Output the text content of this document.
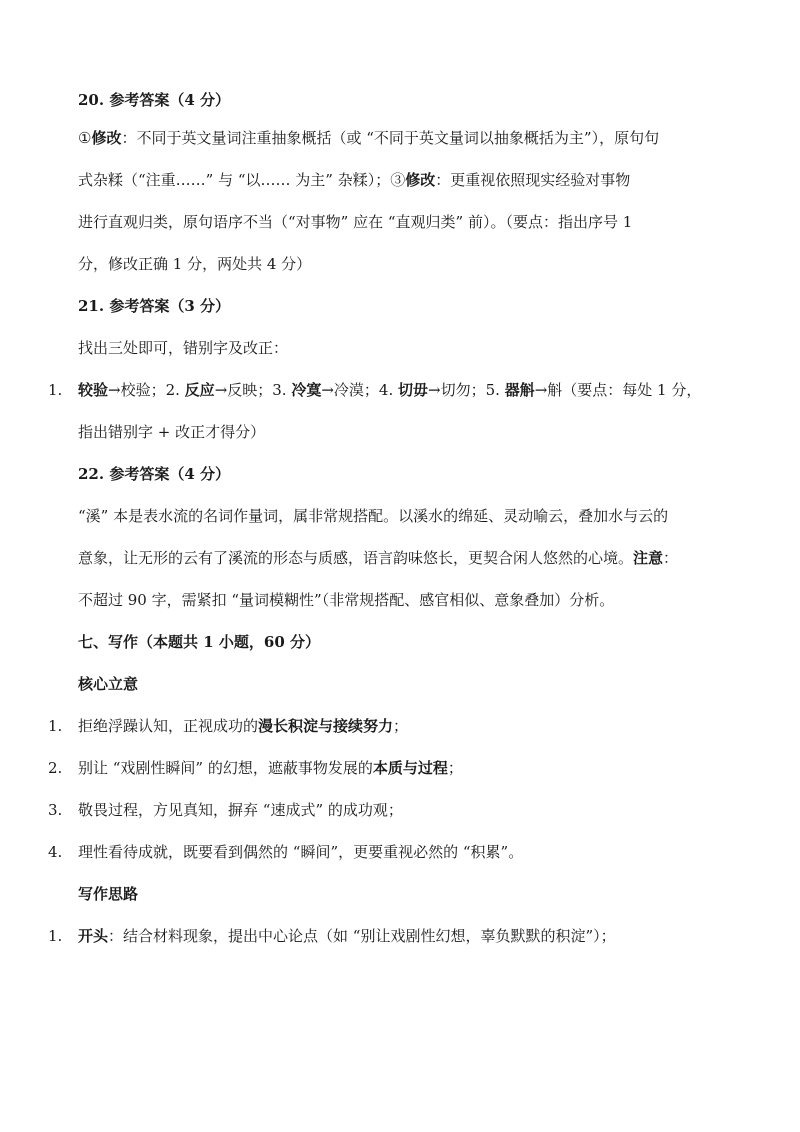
20. 参考答案（4 分）
①修改：不同于英文量词注重抽象概括（或 “不同于英文量词以抽象概括为主”），原句句
式杂糅（“注重……” 与 “以…… 为主” 杂糅）；③修改：更重视依照现实经验对事物
进行直观归类，原句语序不当（“对事物” 应在 “直观归类” 前）。（要点：指出序号 1
分，修改正确 1 分，两处共 4 分）
21. 参考答案（3 分）
找出三处即可，错别字及改正：
1. 较验→校验；2. 反应→反映；3. 冷寞→冷漠；4. 切毋→切勿；5. 器斛→斛（要点：每处 1 分，
指出错别字 + 改正才得分）
22. 参考答案（4 分）
“溪” 本是表水流的名词作量词，属非常规搭配。以溪水的绵延、灵动喻云，叠加水与云的
意象，让无形的云有了溪流的形态与质感，语言韵味悠长，更契合闲人悠然的心境。注意：
不超过 90 字，需紧扣 “量词模糊性”（非常规搭配、感官相似、意象叠加）分析。
七、写作（本题共 1 小题，60 分）
核心立意
1. 拒绝浮躁认知，正视成功的漫长积淀与接续努力；
2. 别让 “戏剧性瞬间” 的幻想，遮蔽事物发展的本质与过程；
3. 敬畏过程，方见真知，摒弃 “速成式” 的成功观；
4. 理性看待成就，既要看到偶然的 “瞬间”，更要重视必然的 “积累”。
写作思路
1. 开头：结合材料现象，提出中心论点（如 “别让戏剧性幻想，辜负默默的积淀”）；
